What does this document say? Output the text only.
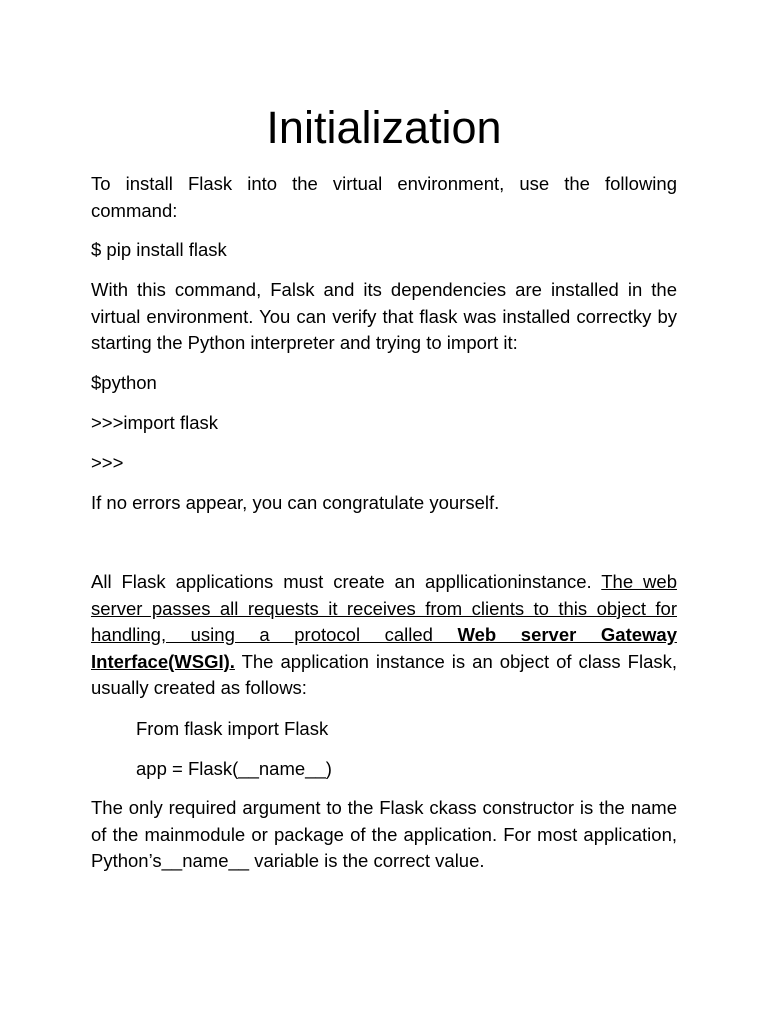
Initialization

To install Flask into the virtual environment, use the following command:

$ pip install flask

With this command, Falsk and its dependencies are installed in the virtual environment. You can verify that flask was installed correctky by starting the Python interpreter and trying to import it:

$python

>>>import flask

>>>

If no errors appear, you can congratulate yourself.

All Flask applications must create an appllicationinstance. The web server passes all requests it receives from clients to this object for handling, using a protocol called Web server Gateway Interface(WSGI). The application instance is an object of class Flask, usually created as follows:

From flask import Flask

app = Flask(__name__)

The only required argument to the Flask ckass constructor is the name of the mainmodule or package of the application. For most application, Python’s__name__ variable is the correct value.
